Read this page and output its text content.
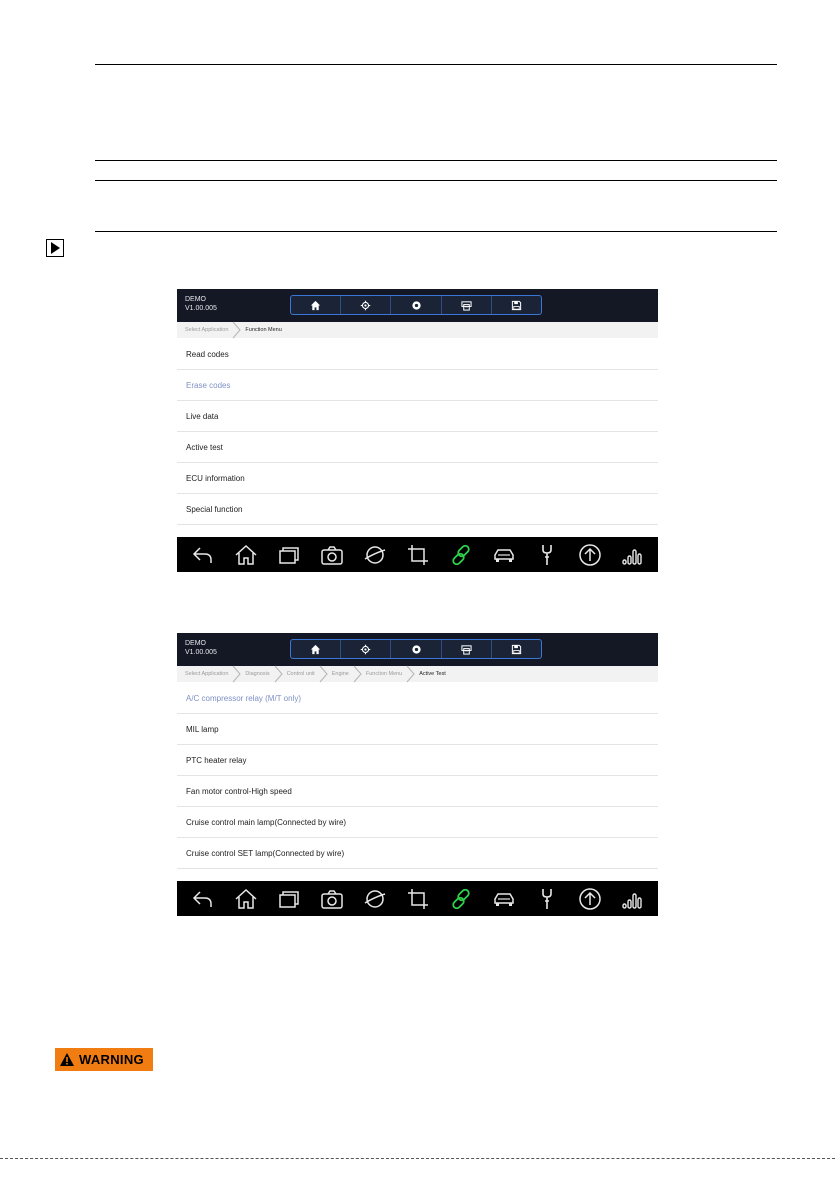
DEMO
V1.00.005
Select Application	Function Menu
Read codes
Erase codes
Live data
Active test
ECU information
Special function
DEMO
V1.00.005
Select Application	Diagnosis	Control unit	Engine	Function Menu	Active Test
A/C compressor relay (M/T only)
MIL lamp
PTC heater relay
Fan motor control-High speed
Cruise control main lamp(Connected by wire)
Cruise control SET lamp(Connected by wire)
WARNING
